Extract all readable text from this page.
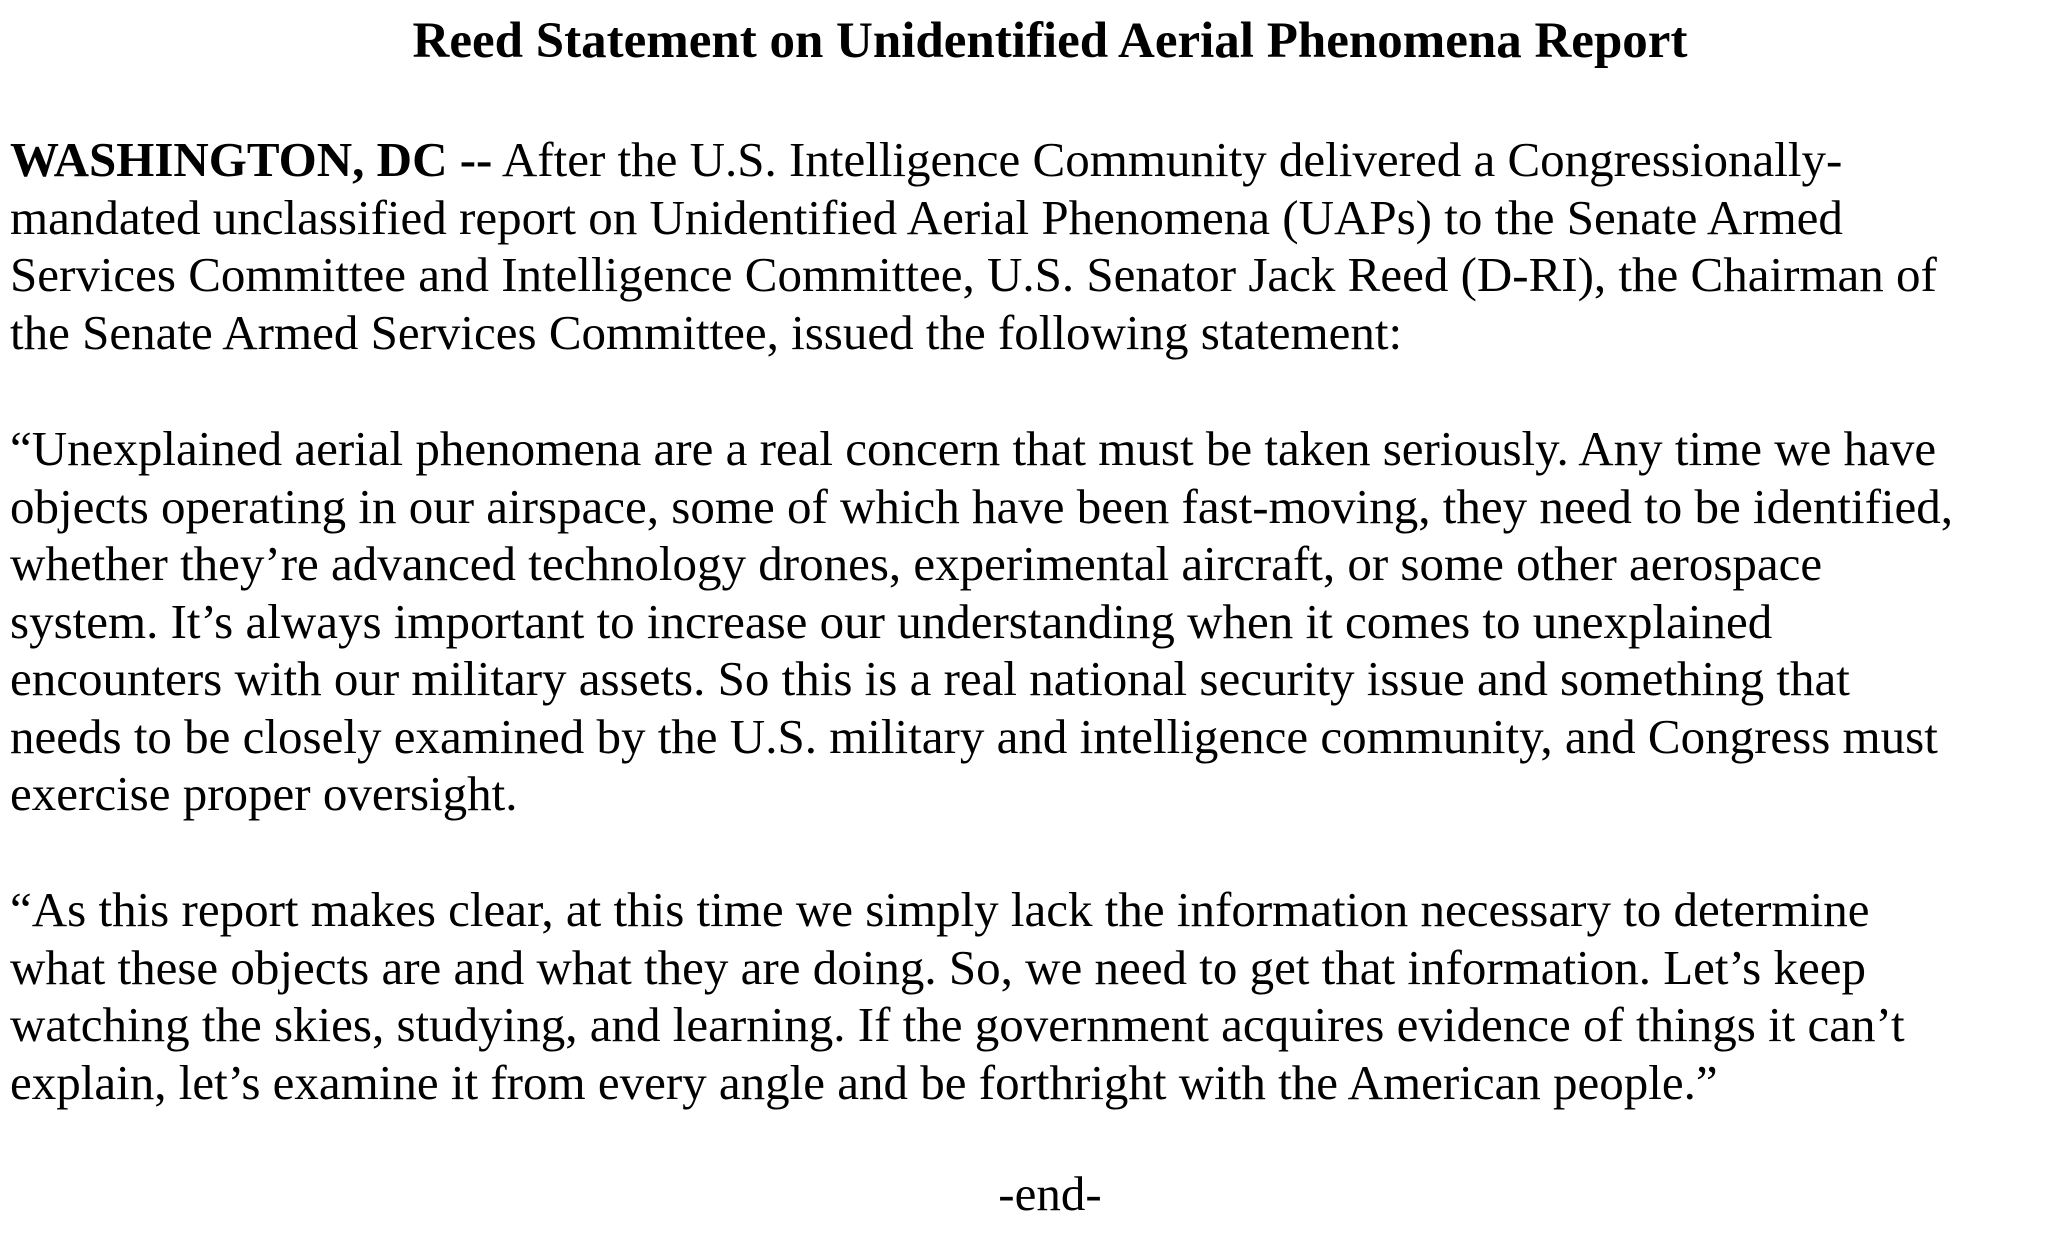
Reed Statement on Unidentified Aerial Phenomena Report
WASHINGTON, DC -- After the U.S. Intelligence Community delivered a Congressionally-
mandated unclassified report on Unidentified Aerial Phenomena (UAPs) to the Senate Armed
Services Committee and Intelligence Committee, U.S. Senator Jack Reed (D-RI), the Chairman of
the Senate Armed Services Committee, issued the following statement:
“Unexplained aerial phenomena are a real concern that must be taken seriously. Any time we have
objects operating in our airspace, some of which have been fast-moving, they need to be identified,
whether they’re advanced technology drones, experimental aircraft, or some other aerospace
system. It’s always important to increase our understanding when it comes to unexplained
encounters with our military assets. So this is a real national security issue and something that
needs to be closely examined by the U.S. military and intelligence community, and Congress must
exercise proper oversight.
“As this report makes clear, at this time we simply lack the information necessary to determine
what these objects are and what they are doing. So, we need to get that information. Let’s keep
watching the skies, studying, and learning. If the government acquires evidence of things it can’t
explain, let’s examine it from every angle and be forthright with the American people.”
-end-
